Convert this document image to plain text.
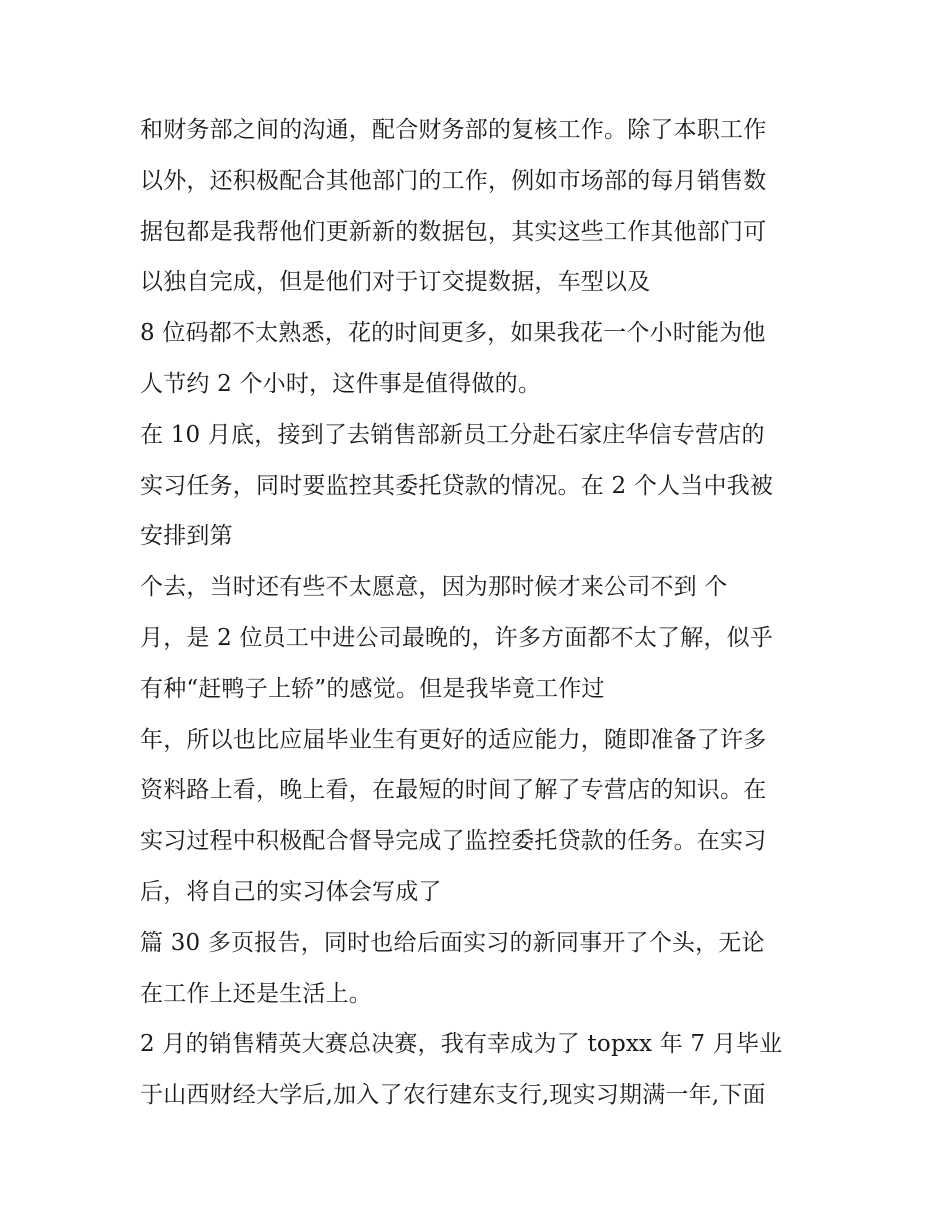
和财务部之间的沟通，配合财务部的复核工作。除了本职工作
以外，还积极配合其他部门的工作，例如市场部的每月销售数
据包都是我帮他们更新新的数据包，其实这些工作其他部门可
以独自完成，但是他们对于订交提数据，车型以及
8 位码都不太熟悉，花的时间更多，如果我花一个小时能为他
人节约 2 个小时，这件事是值得做的。
在 10 月底，接到了去销售部新员工分赴石家庄华信专营店的
实习任务，同时要监控其委托贷款的情况。在 2 个人当中我被
安排到第
个去，当时还有些不太愿意，因为那时候才来公司不到 个
月，是 2 位员工中进公司最晚的，许多方面都不太了解，似乎
有种“赶鸭子上轿”的感觉。但是我毕竟工作过
年，所以也比应届毕业生有更好的适应能力，随即准备了许多
资料路上看，晚上看，在最短的时间了解了专营店的知识。在
实习过程中积极配合督导完成了监控委托贷款的任务。在实习
后，将自己的实习体会写成了
篇 30 多页报告，同时也给后面实习的新同事开了个头，无论
在工作上还是生活上。
2 月的销售精英大赛总决赛，我有幸成为了 topxx 年 7 月毕业
于山西财经大学后,加入了农行建东支行,现实习期满一年,下面
